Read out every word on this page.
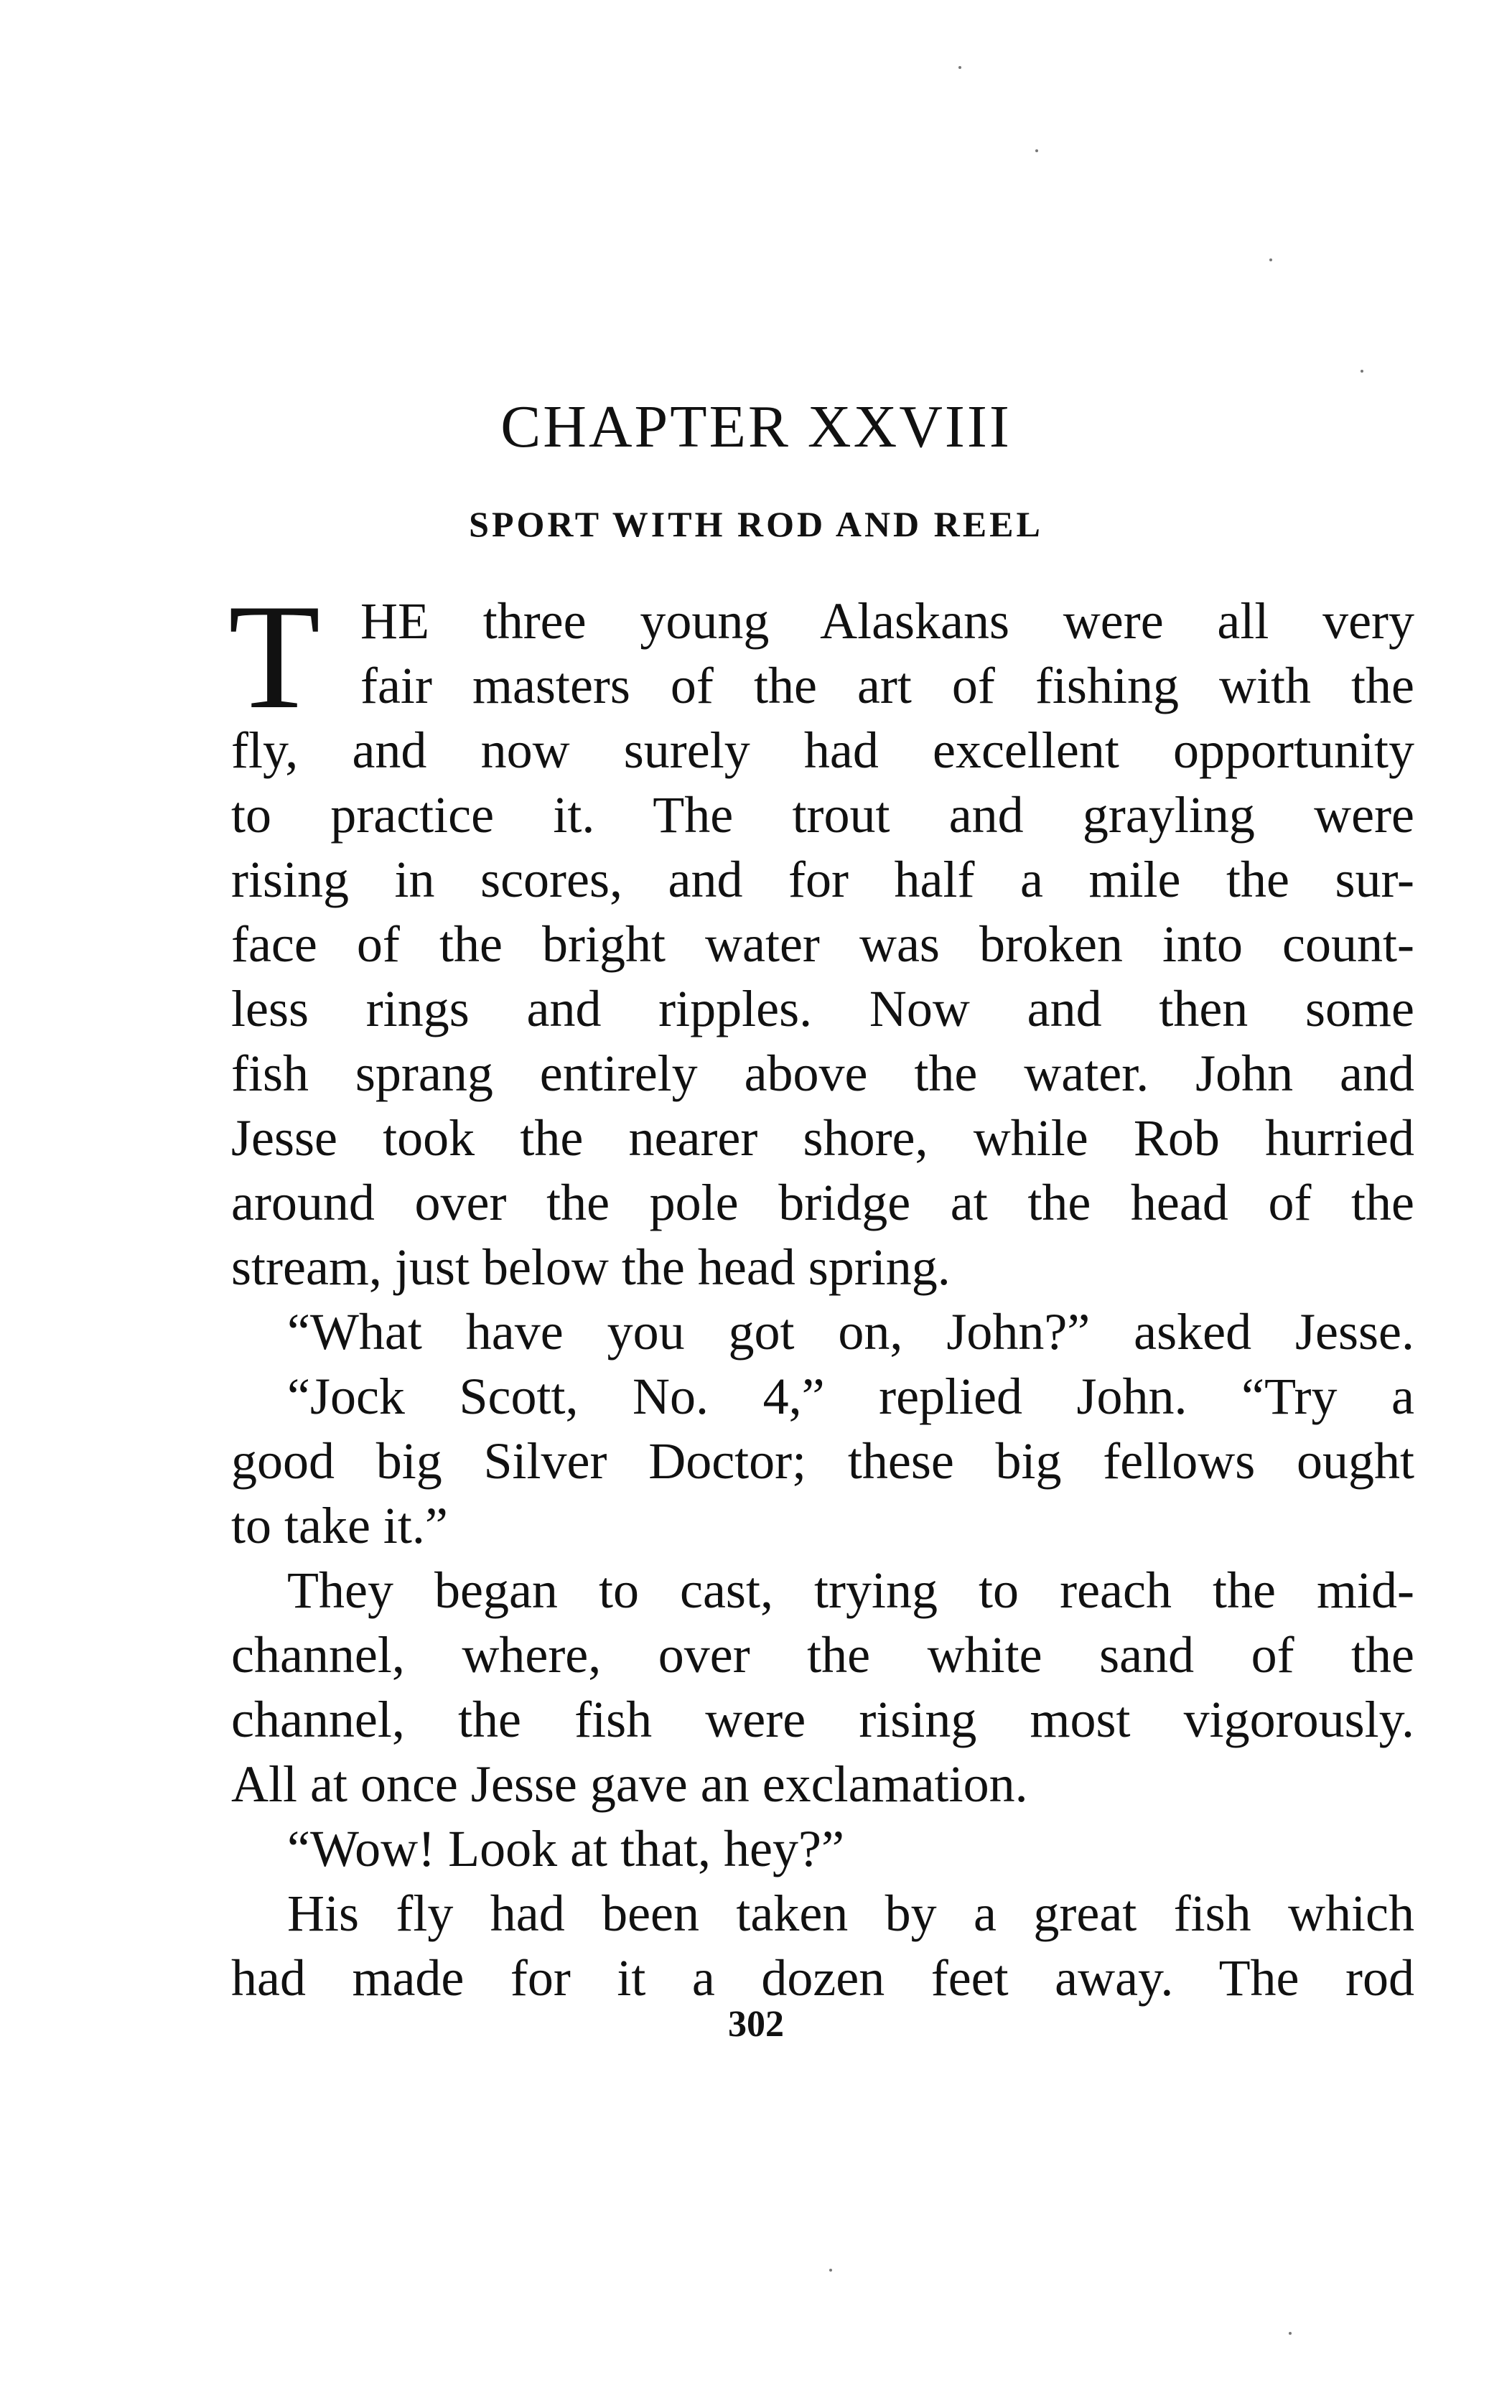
CHAPTER XXVIII
SPORT WITH ROD AND REEL
T HE three young Alaskans were all very
fair masters of the art of fishing with the
fly, and now surely had excellent opportunity
to practice it. The trout and grayling were
rising in scores, and for half a mile the sur-
face of the bright water was broken into count-
less rings and ripples. Now and then some
fish sprang entirely above the water. John and
Jesse took the nearer shore, while Rob hurried
around over the pole bridge at the head of the
stream, just below the head spring.
“What have you got on, John?” asked Jesse.
“Jock Scott, No. 4,” replied John. “Try a
good big Silver Doctor; these big fellows ought
to take it.”
They began to cast, trying to reach the mid-
channel, where, over the white sand of the
channel, the fish were rising most vigorously.
All at once Jesse gave an exclamation.
“Wow! Look at that, hey?”
His fly had been taken by a great fish which
had made for it a dozen feet away. The rod
302
